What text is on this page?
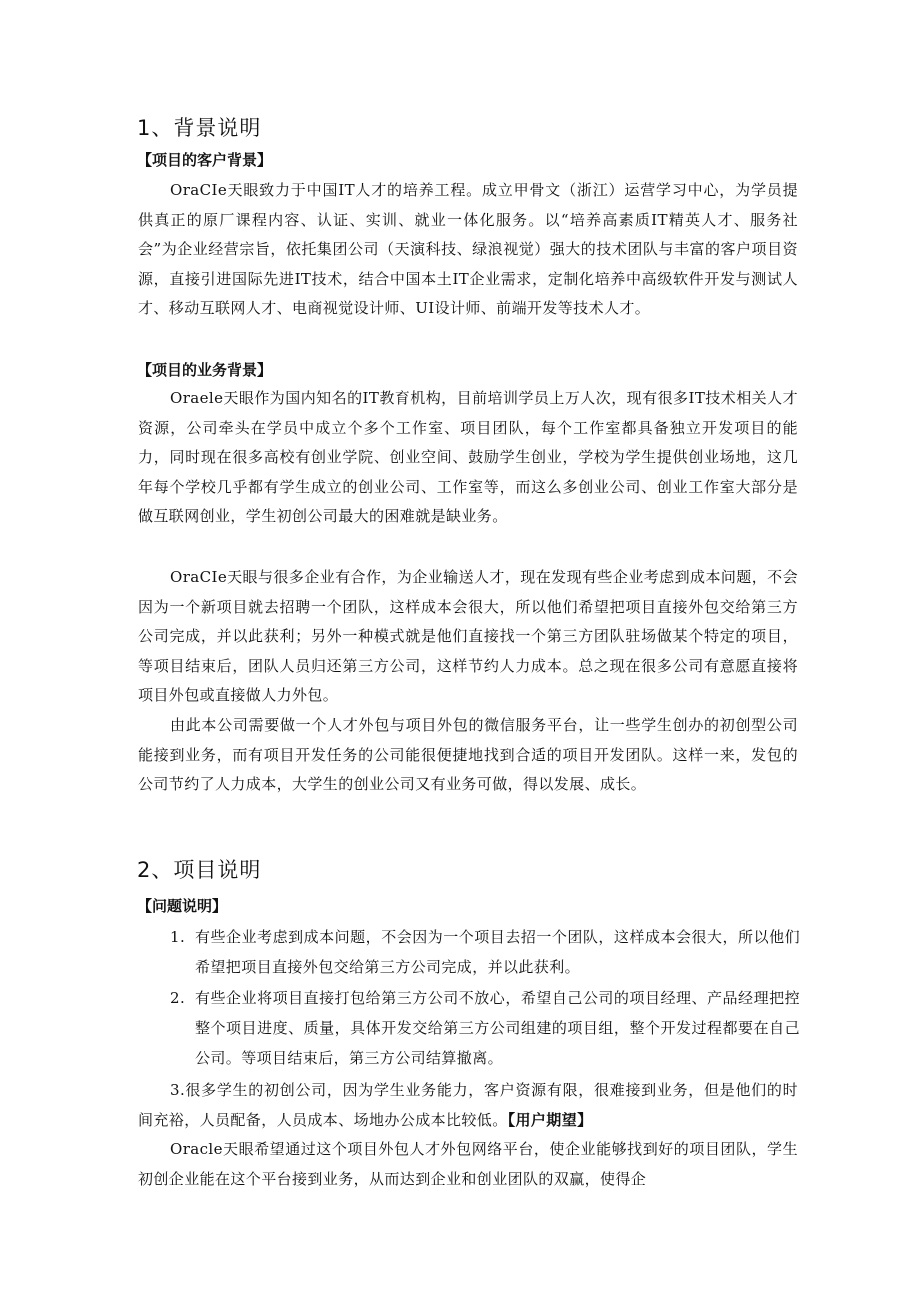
1、背景说明
【项目的客户背景】
OraCIe天眼致力于中国IT人才的培养工程。成立甲骨文（浙江）运营学习中心，为学员提供真正的原厂课程内容、认证、实训、就业一体化服务。以“培养高素质IT精英人才、服务社会”为企业经营宗旨，依托集团公司（天演科技、绿浪视觉）强大的技术团队与丰富的客户项目资源，直接引进国际先进IT技术，结合中国本土IT企业需求，定制化培养中高级软件开发与测试人才、移动互联网人才、电商视觉设计师、UI设计师、前端开发等技术人才。
【项目的业务背景】
Oraele天眼作为国内知名的IT教育机构，目前培训学员上万人次，现有很多IT技术相关人才资源，公司牵头在学员中成立个多个工作室、项目团队，每个工作室都具备独立开发项目的能力，同时现在很多高校有创业学院、创业空间、鼓励学生创业，学校为学生提供创业场地，这几年每个学校几乎都有学生成立的创业公司、工作室等，而这么多创业公司、创业工作室大部分是做互联网创业，学生初创公司最大的困难就是缺业务。
OraCIe天眼与很多企业有合作，为企业输送人才，现在发现有些企业考虑到成本问题，不会因为一个新项目就去招聘一个团队，这样成本会很大，所以他们希望把项目直接外包交给第三方公司完成，并以此获利；另外一种模式就是他们直接找一个第三方团队驻场做某个特定的项目，等项目结束后，团队人员归还第三方公司，这样节约人力成本。总之现在很多公司有意愿直接将项目外包或直接做人力外包。
由此本公司需要做一个人才外包与项目外包的微信服务平台，让一些学生创办的初创型公司能接到业务，而有项目开发任务的公司能很便捷地找到合适的项目开发团队。这样一来，发包的公司节约了人力成本，大学生的创业公司又有业务可做，得以发展、成长。
2、项目说明
【问题说明】
1. 有些企业考虑到成本问题，不会因为一个项目去招一个团队，这样成本会很大，所以他们希望把项目直接外包交给第三方公司完成，并以此获利。
2. 有些企业将项目直接打包给第三方公司不放心，希望自己公司的项目经理、产品经理把控整个项目进度、质量，具体开发交给第三方公司组建的项目组，整个开发过程都要在自己公司。等项目结束后，第三方公司结算撤离。
3.很多学生的初创公司，因为学生业务能力，客户资源有限，很难接到业务，但是他们的时间充裕，人员配备，人员成本、场地办公成本比较低。【用户期望】
Oracle天眼希望通过这个项目外包人才外包网络平台，使企业能够找到好的项目团队，学生初创企业能在这个平台接到业务，从而达到企业和创业团队的双赢，使得企
